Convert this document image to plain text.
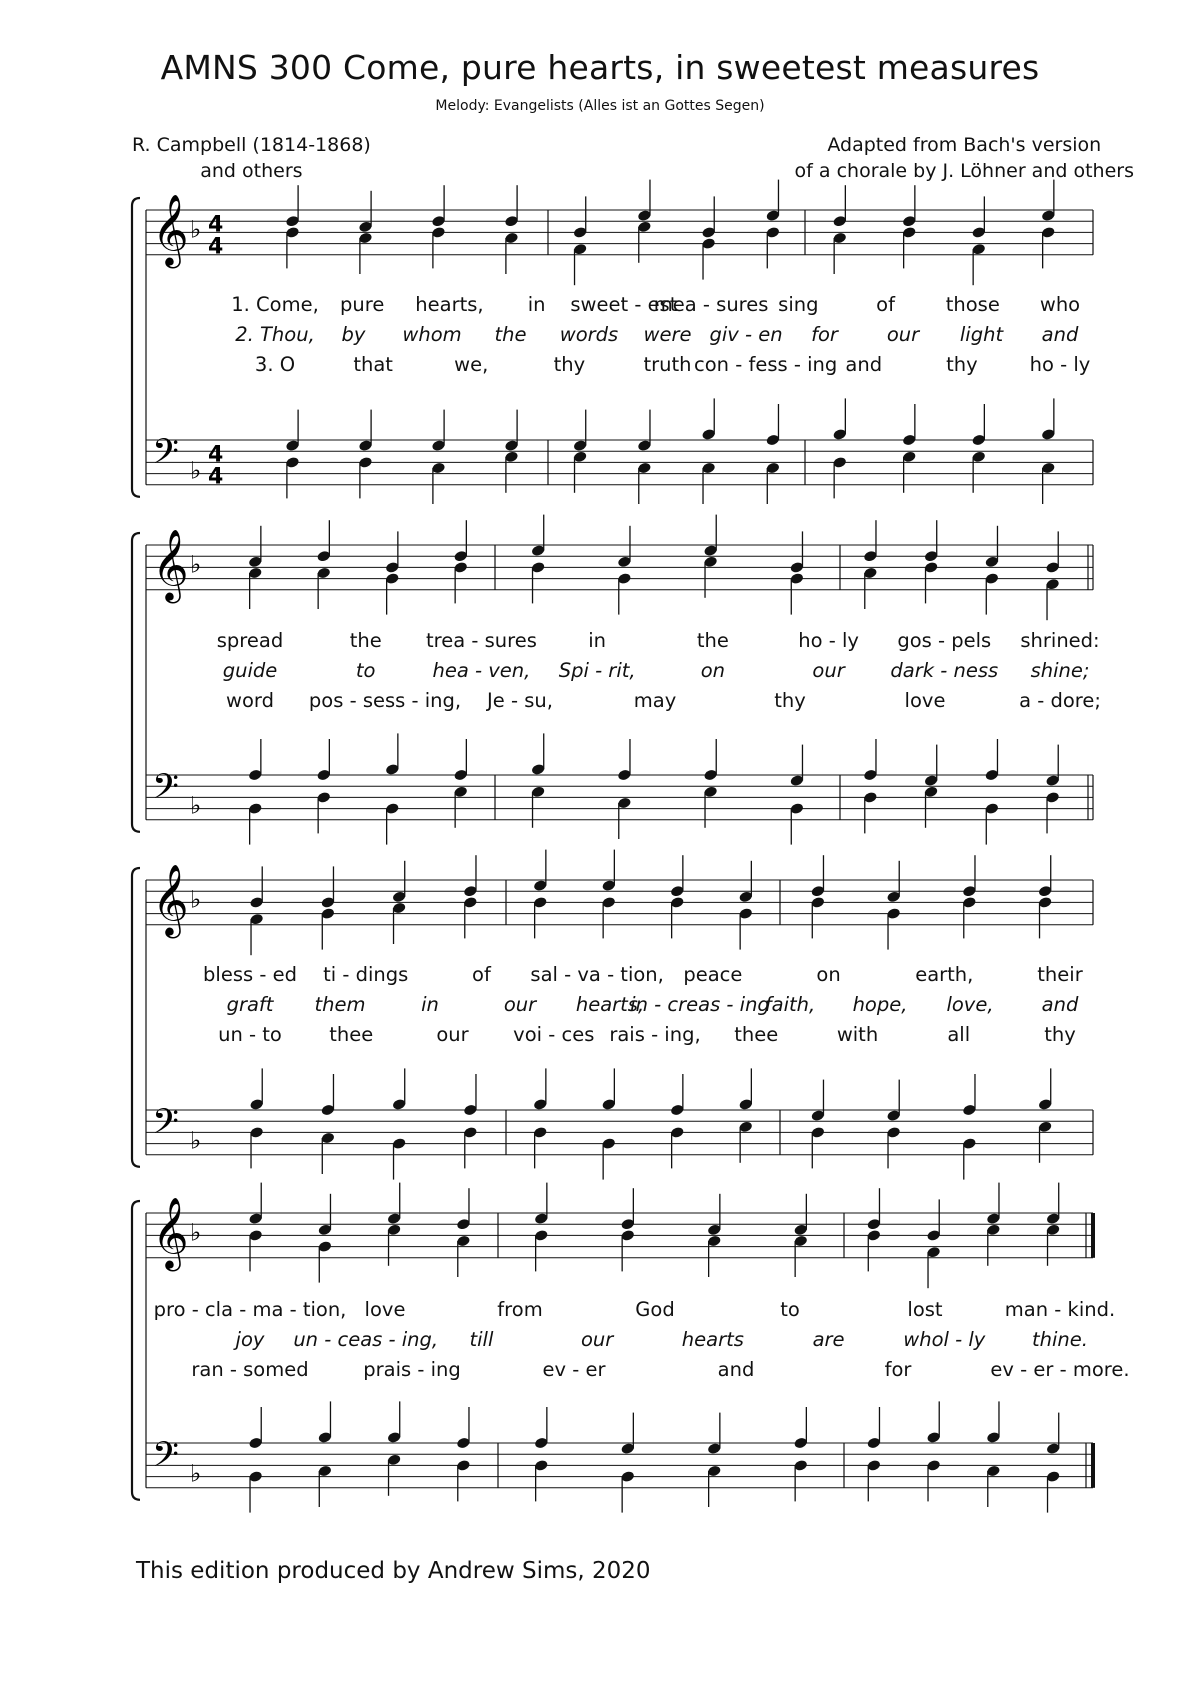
AMNS 300 Come, pure hearts, in sweetest measures
Melody: Evangelists (Alles ist an Gottes Segen)
R. Campbell (1814-1868)
and others
Adapted from Bach's version
of a chorale by J. Löhner and others
𝄞
𝄢
♭
♭
4
4
4
4
𝄞
𝄢
♭
♭
𝄞
𝄢
♭
♭
𝄞
𝄢
♭
♭
1. Come, pure hearts, in sweet - est
mea - sures sing	of	those who
2. Thou, by whom the words were giv - en for	our light and
3. O	that	we,	thy	truth con - fess - ing and	thy	ho - ly
spread	the trea - sures	in	the	ho - ly gos - pels shrined:
guide	to	hea - ven, Spi - rit,	on	our dark - ness shine;
word pos - sess - ing, Je - su,	may	thy	love	a - dore;
bless - ed ti - dings	of sal - va - tion, peace	on	earth,	their
graft them	in	our hearts,
in - creas - ing
faith, hope, love, and
un - to thee	our voi - ces rais - ing, thee	with	all	thy
pro - cla - ma - tion, love	from	God	to	lost	man - kind.
joy un - ceas - ing, till	our	hearts	are	whol - ly thine.
ran - somed	prais - ing	ev - er	and	for	ev - er - more.
This edition produced by Andrew Sims, 2020
